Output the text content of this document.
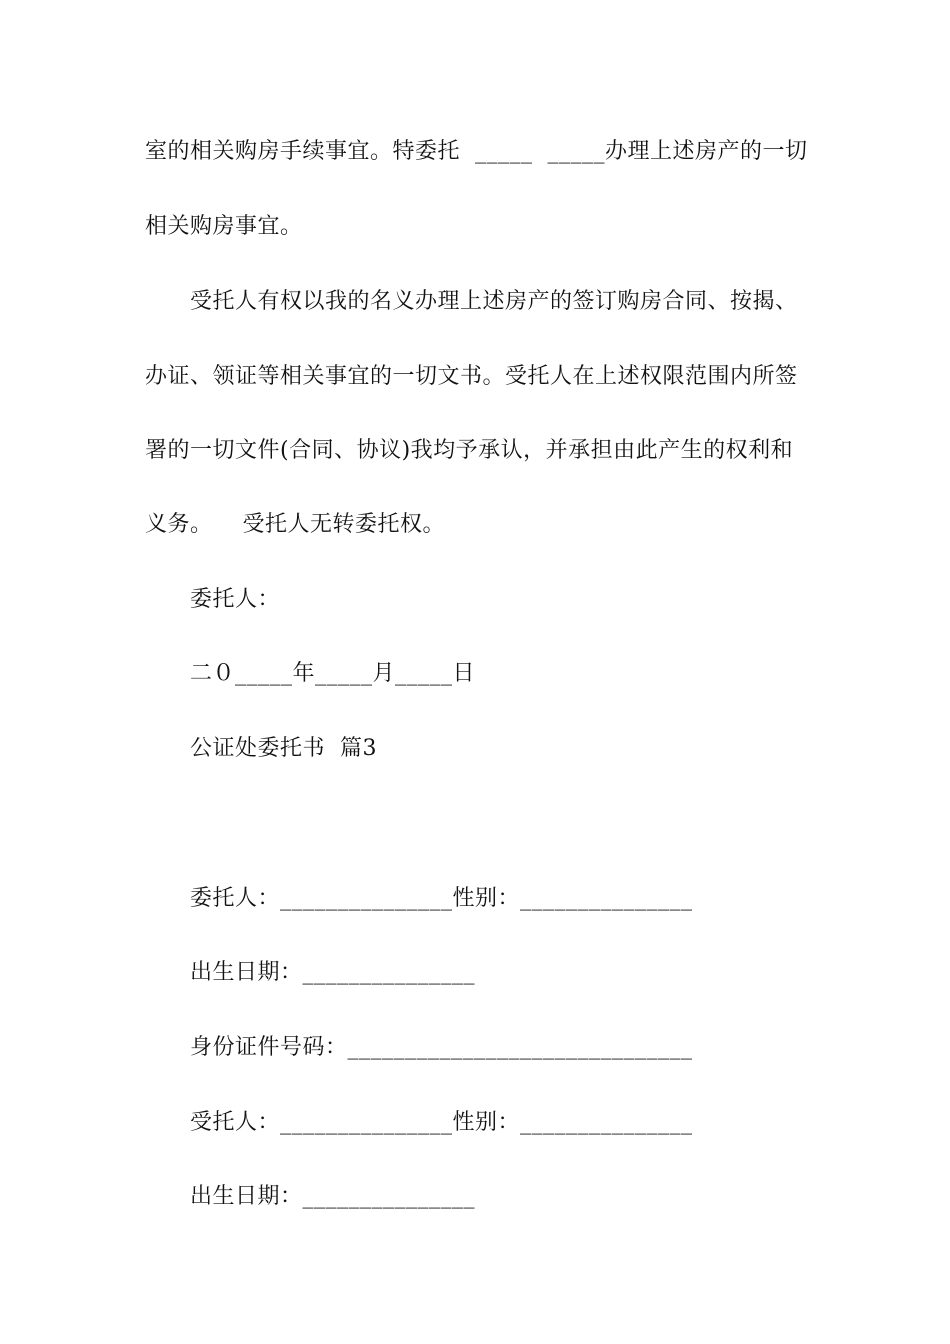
室的相关购房手续事宜。特委托  _____  _____办理上述房产的一切
相关购房事宜。
受托人有权以我的名义办理上述房产的签订购房合同、按揭、
办证、领证等相关事宜的一切文书。受托人在上述权限范围内所签
署的一切文件(合同、协议)我均予承认，并承担由此产生的权利和
义务。    受托人无转委托权。
委托人：
二０_____年_____月_____日
公证处委托书  篇3
委托人：_______________性别：_______________
出生日期：_______________
身份证件号码：______________________________
受托人：_______________性别：_______________
出生日期：_______________
